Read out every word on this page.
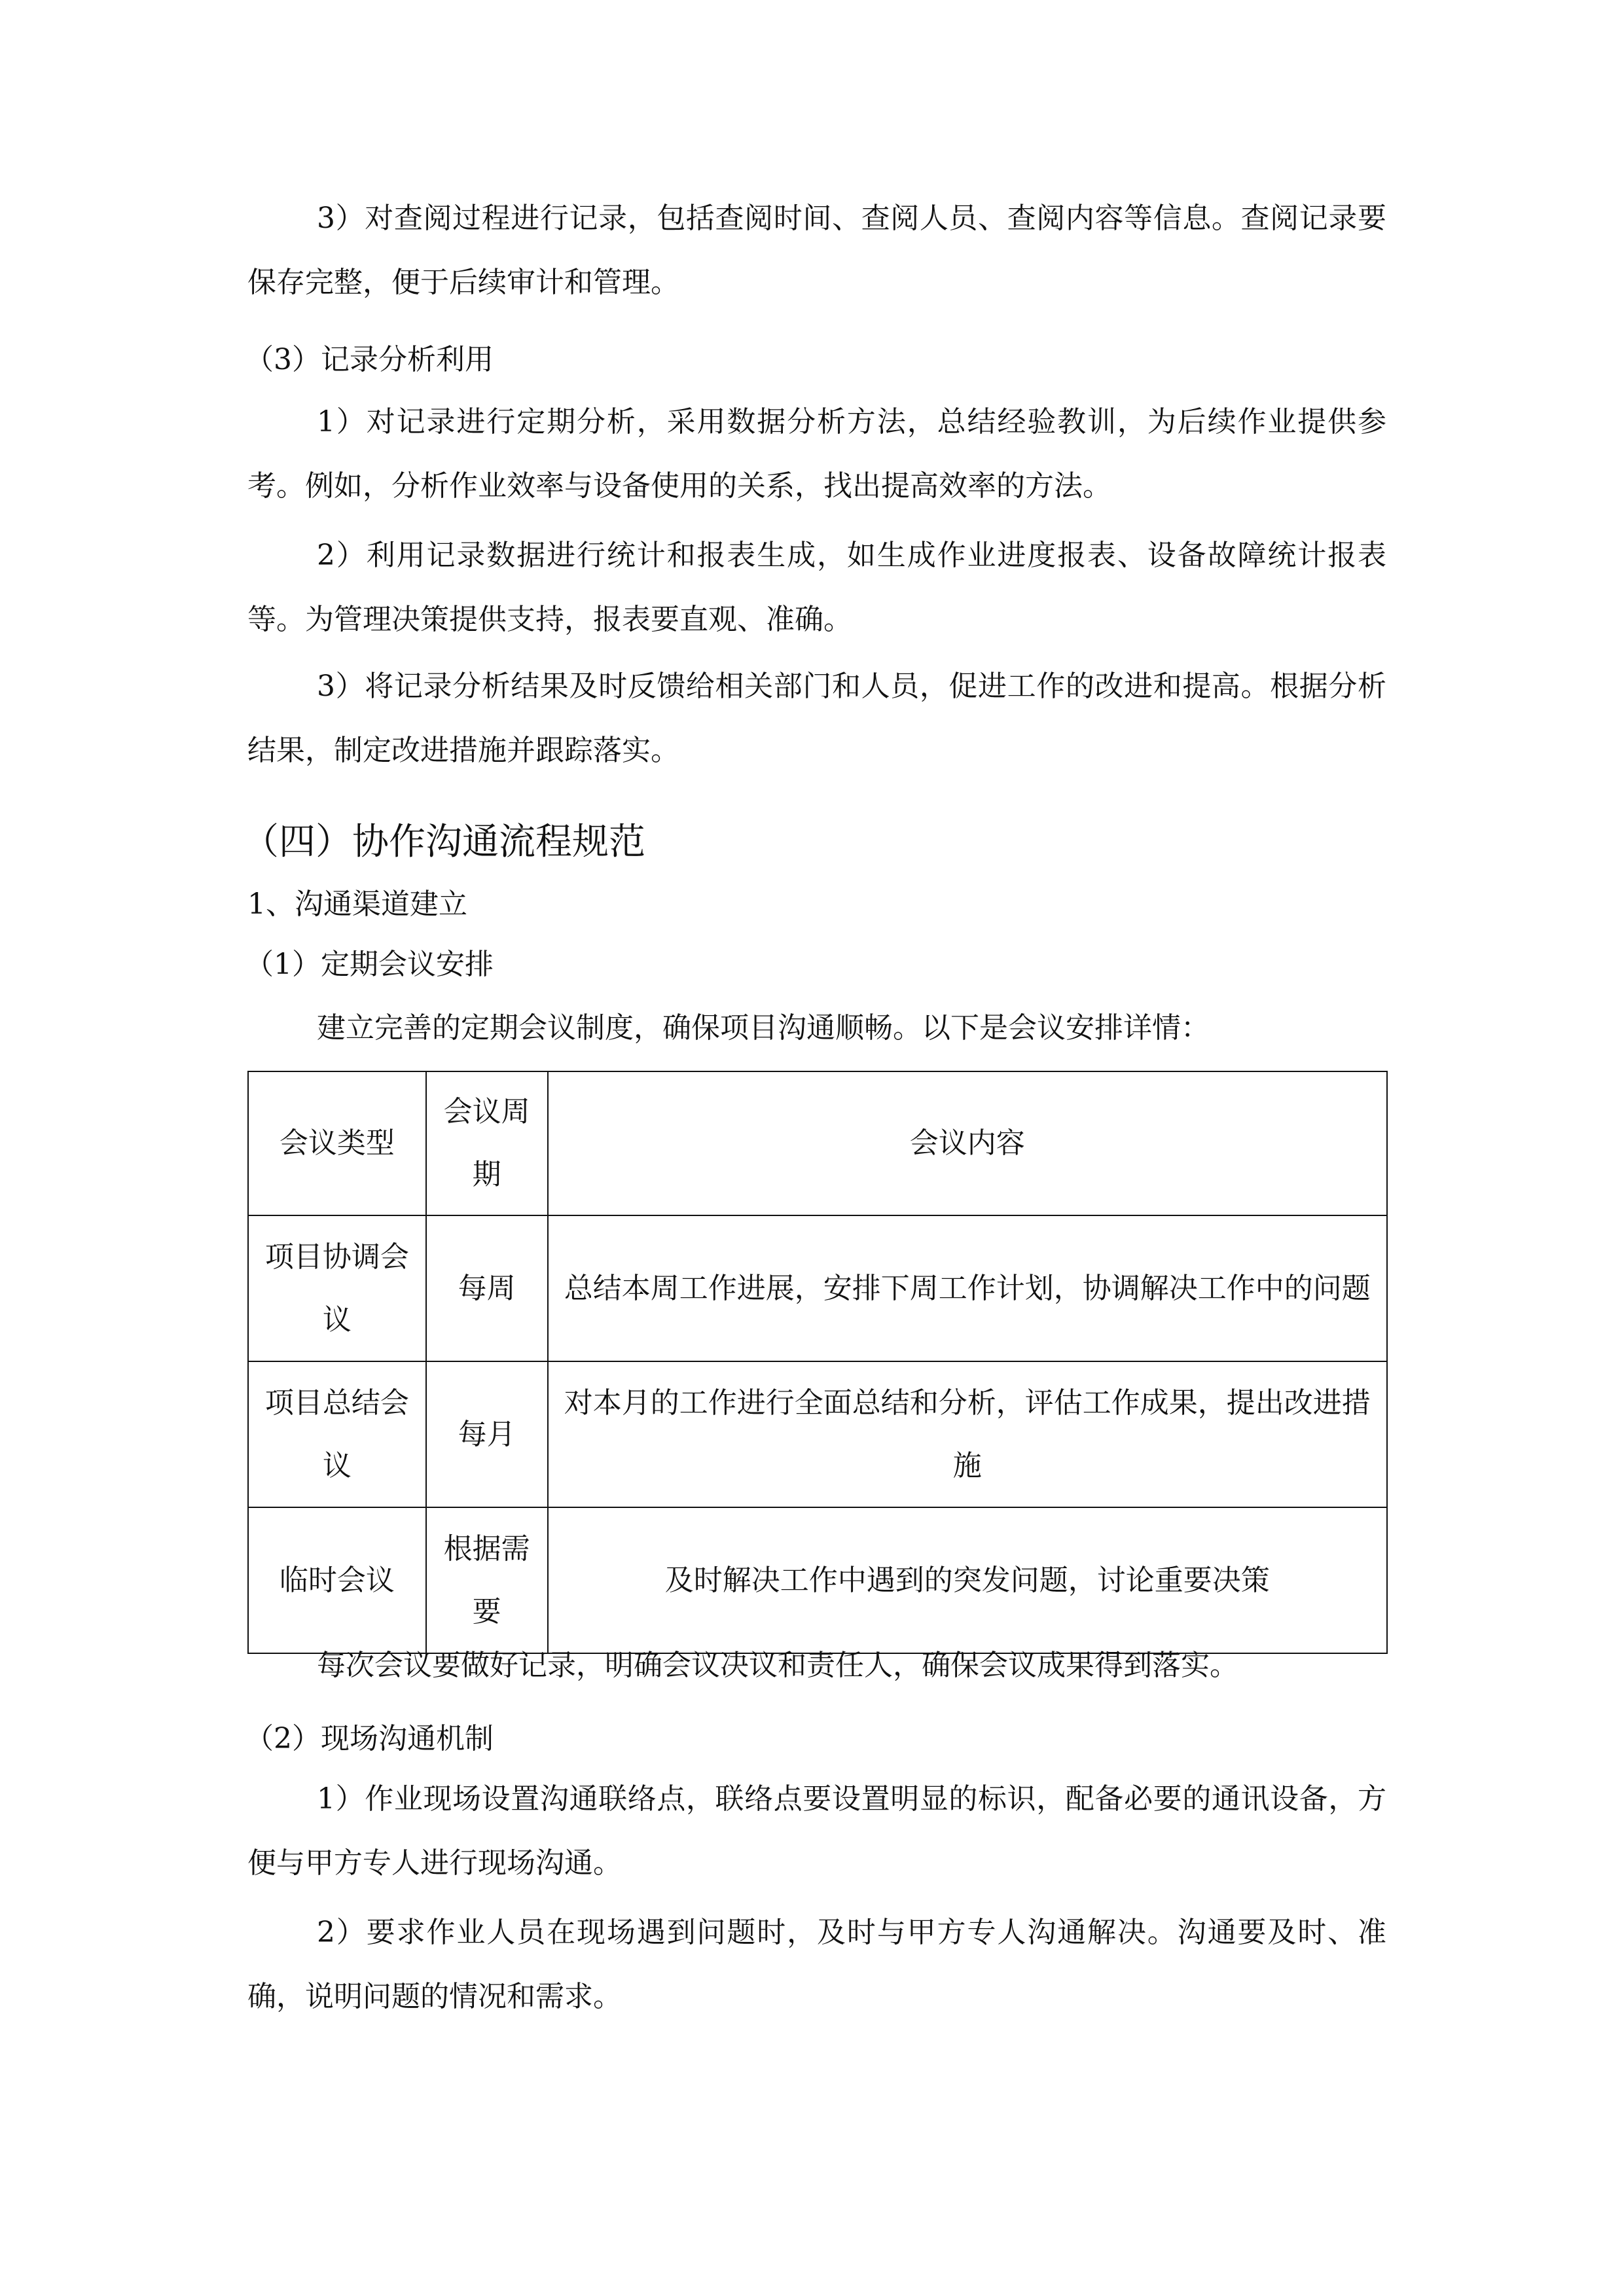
3）对查阅过程进行记录，包括查阅时间、查阅人员、查阅内容等信息。查阅记录要保存完整，便于后续审计和管理。

（3）记录分析利用

1）对记录进行定期分析，采用数据分析方法，总结经验教训，为后续作业提供参考。例如，分析作业效率与设备使用的关系，找出提高效率的方法。

2）利用记录数据进行统计和报表生成，如生成作业进度报表、设备故障统计报表等。为管理决策提供支持，报表要直观、准确。

3）将记录分析结果及时反馈给相关部门和人员，促进工作的改进和提高。根据分析结果，制定改进措施并跟踪落实。

（四）协作沟通流程规范

1、沟通渠道建立

（1）定期会议安排

建立完善的定期会议制度，确保项目沟通顺畅。以下是会议安排详情：

会议类型	会议周期	会议内容
项目协调会议	每周	总结本周工作进展，安排下周工作计划，协调解决工作中的问题
项目总结会议	每月	对本月的工作进行全面总结和分析，评估工作成果，提出改进措施
临时会议	根据需要	及时解决工作中遇到的突发问题，讨论重要决策

每次会议要做好记录，明确会议决议和责任人，确保会议成果得到落实。

（2）现场沟通机制

1）作业现场设置沟通联络点，联络点要设置明显的标识，配备必要的通讯设备，方便与甲方专人进行现场沟通。

2）要求作业人员在现场遇到问题时，及时与甲方专人沟通解决。沟通要及时、准确，说明问题的情况和需求。
